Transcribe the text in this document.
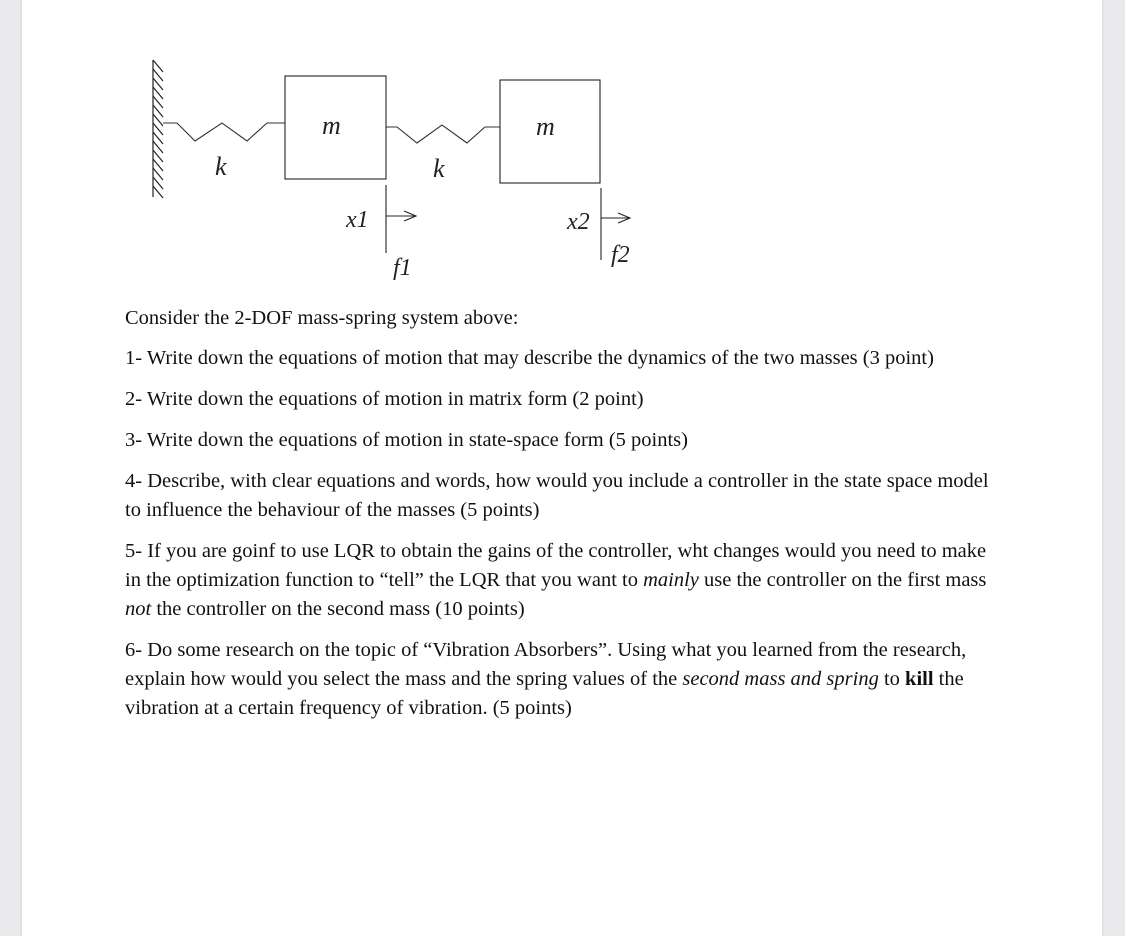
m	m
k	k
x1	x2
f1	f2

Consider the 2-DOF mass-spring system above:

1- Write down the equations of motion that may describe the dynamics of the two masses (3 point)

2- Write down the equations of motion in matrix form (2 point)

3- Write down the equations of motion in state-space form (5 points)

4- Describe, with clear equations and words, how would you include a controller in the state space model to influence the behaviour of the masses (5 points)

5- If you are goinf to use LQR to obtain the gains of the controller, wht changes would you need to make in the optimization function to “tell” the LQR that you want to mainly use the controller on the first mass not the controller on the second mass (10 points)

6- Do some research on the topic of “Vibration Absorbers”. Using what you learned from the research, explain how would you select the mass and the spring values of the second mass and spring to kill the vibration at a certain frequency of vibration. (5 points)
